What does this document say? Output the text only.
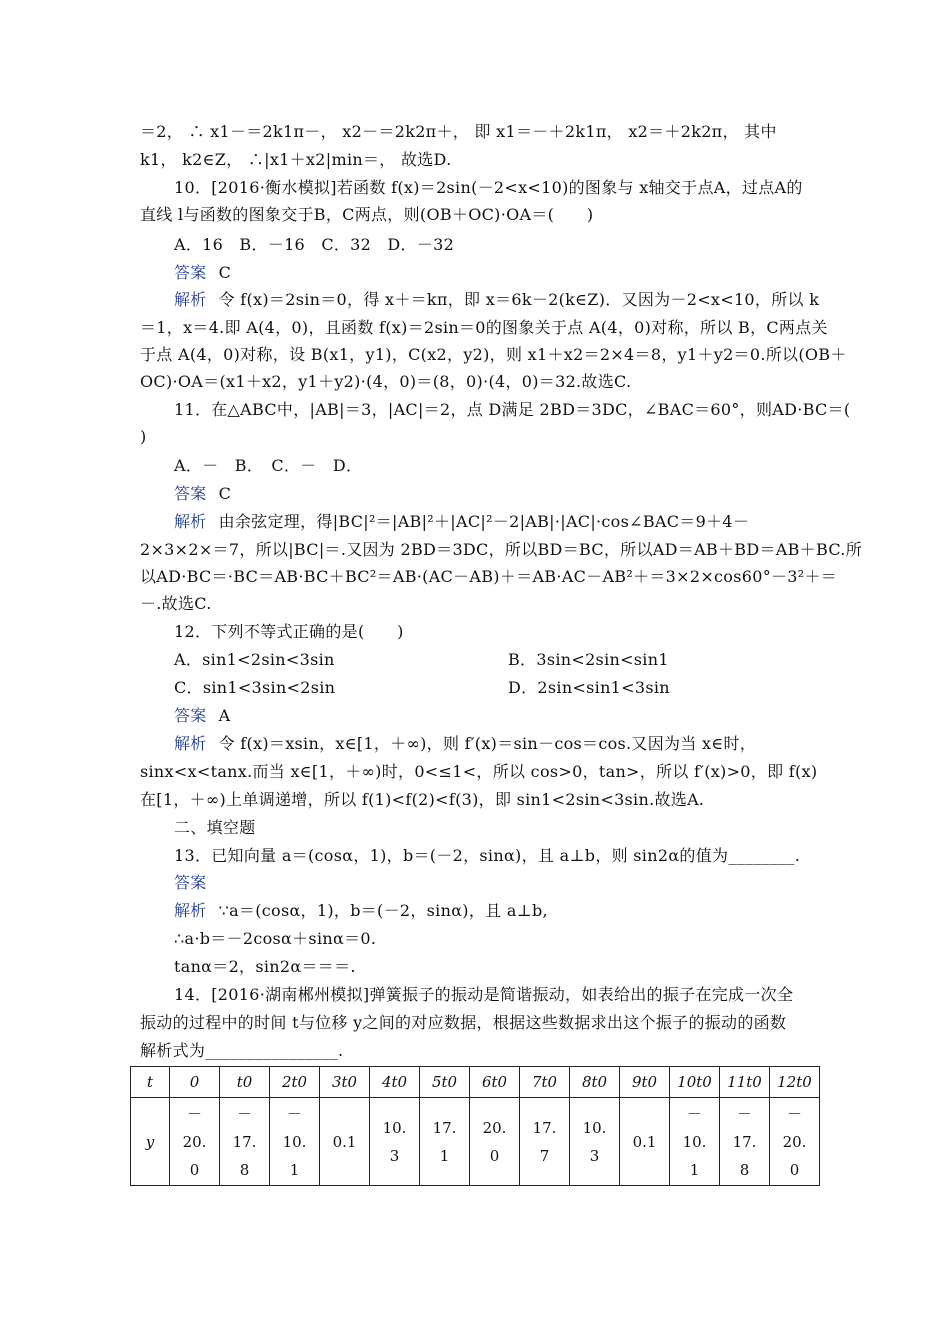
＝2， ∴ x1－＝2k1π－， x2－＝2k2π＋， 即 x1＝－＋2k1π， x2＝＋2k2π， 其中
k1， k2∈Z， ∴|x1＋x2|min＝， 故选D.
10．[2016·衡水模拟]若函数 f(x)＝2sin(－2<x<10)的图象与 x轴交于点A，过点A的
直线 l与函数的图象交于B，C两点，则(OB＋OC)·OA＝(　　)
A．16　B．－16　C．32　D．－32
答案 C
解析 令 f(x)＝2sin＝0，得 x＋＝kπ，即 x＝6k－2(k∈Z)．又因为－2<x<10，所以 k
＝1，x＝4.即 A(4，0)，且函数 f(x)＝2sin＝0的图象关于点 A(4，0)对称，所以 B，C两点关
于点 A(4，0)对称，设 B(x1，y1)，C(x2，y2)，则 x1＋x2＝2×4＝8，y1＋y2＝0.所以(OB＋
OC)·OA＝(x1＋x2，y1＋y2)·(4，0)＝(8，0)·(4，0)＝32.故选C.
11．在△ABC中，|AB|＝3，|AC|＝2，点 D满足 2BD＝3DC，∠BAC＝60°，则AD·BC＝(
)
A．－　B．　C．－　D．
答案 C
解析 由余弦定理，得|BC|²＝|AB|²＋|AC|²－2|AB|·|AC|·cos∠BAC＝9＋4－
2×3×2×＝7，所以|BC|＝.又因为 2BD＝3DC，所以BD＝BC，所以AD＝AB＋BD＝AB＋BC.所
以AD·BC＝·BC＝AB·BC＋BC²＝AB·(AC－AB)＋＝AB·AC－AB²＋＝3×2×cos60°－3²＋＝
－.故选C.
12．下列不等式正确的是(　　)
A．sin1<2sin<3sin	B．3sin<2sin<sin1
C．sin1<3sin<2sin	D．2sin<sin1<3sin
答案 A
解析 令 f(x)＝xsin，x∈[1，＋∞)，则 f′(x)＝sin－cos＝cos.又因为当 x∈时，
sinx<x<tanx.而当 x∈[1，＋∞)时，0<≤1<，所以 cos>0，tan>，所以 f′(x)>0，即 f(x)
在[1，＋∞)上单调递增，所以 f(1)<f(2)<f(3)，即 sin1<2sin<3sin.故选A.
二、填空题
13．已知向量 a＝(cosα，1)，b＝(－2，sinα)，且 a⊥b，则 sin2α的值为________.
答案
解析 ∵a＝(cosα，1)，b＝(－2，sinα)，且 a⊥b,
∴a·b＝－2cosα＋sinα＝0.
tanα＝2，sin2α＝＝＝.
14．[2016·湖南郴州模拟]弹簧振子的振动是简谐振动，如表给出的振子在完成一次全
振动的过程中的时间 t与位移 y之间的对应数据，根据这些数据求出这个振子的振动的函数
解析式为________________.
t	0	t0	2t0	3t0	4t0	5t0	6t0	7t0	8t0	9t0	10t0	11t0	12t0
y	－20.0	－17.8	－10.1	0.1	10.3	17.1	20.0	17.7	10.3	0.1	－10.1	－17.8	－20.0
